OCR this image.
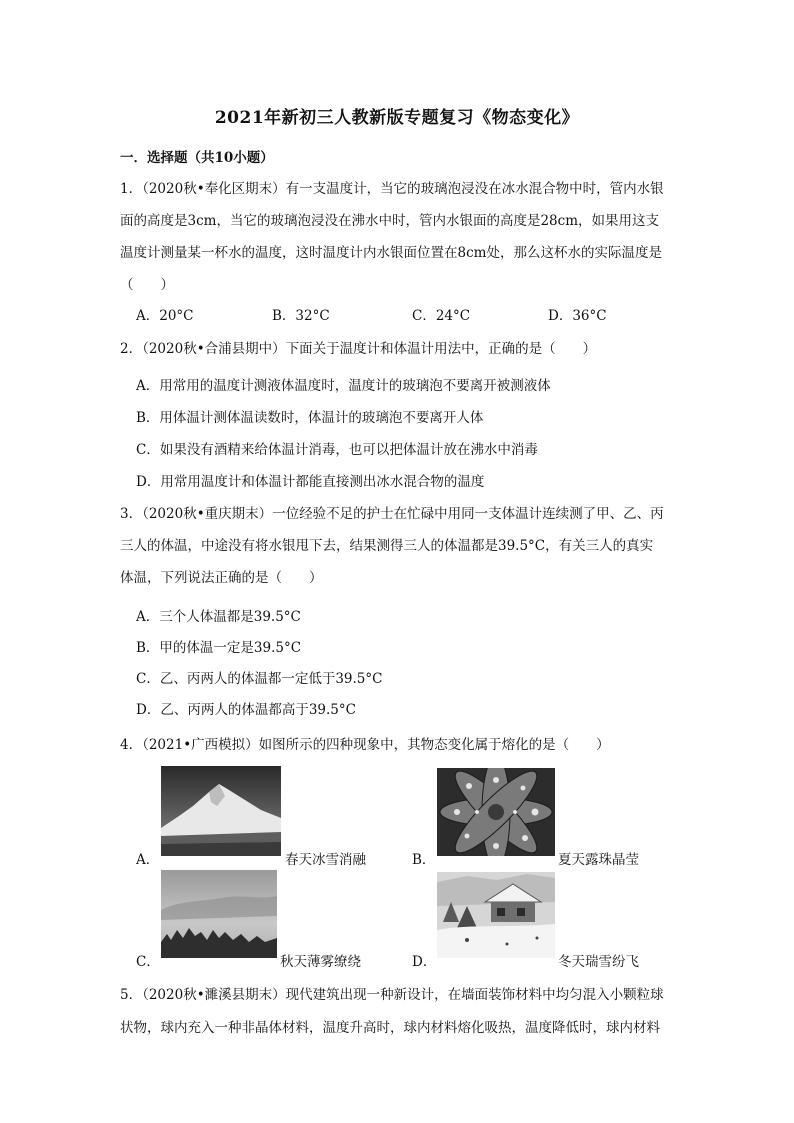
2021年新初三人教新版专题复习《物态变化》
一．选择题（共10小题）
1．（2020秋•奉化区期末）有一支温度计，当它的玻璃泡浸没在冰水混合物中时，管内水银
面的高度是3cm，当它的玻璃泡浸没在沸水中时，管内水银面的高度是28cm，如果用这支
温度计测量某一杯水的温度，这时温度计内水银面位置在8cm处，那么这杯水的实际温度是
（　　）
A．20°C	B．32°C	C．24°C	D．36°C
2．（2020秋•合浦县期中）下面关于温度计和体温计用法中，正确的是（　　）
A．用常用的温度计测液体温度时，温度计的玻璃泡不要离开被测液体
B．用体温计测体温读数时，体温计的玻璃泡不要离开人体
C．如果没有酒精来给体温计消毒，也可以把体温计放在沸水中消毒
D．用常用温度计和体温计都能直接测出冰水混合物的温度
3．（2020秋•重庆期末）一位经验不足的护士在忙碌中用同一支体温计连续测了甲、乙、丙
三人的体温，中途没有将水银甩下去，结果测得三人的体温都是39.5°C，有关三人的真实
体温，下列说法正确的是（　　）
A．三个人体温都是39.5°C
B．甲的体温一定是39.5°C
C．乙、丙两人的体温都一定低于39.5°C
D．乙、丙两人的体温都高于39.5°C
4．（2021•广西模拟）如图所示的四种现象中，其物态变化属于熔化的是（　　）
A．	春天冰雪消融	B．	夏天露珠晶莹
C．	秋天薄雾缭绕	D．	冬天瑞雪纷飞
5．（2020秋•濉溪县期末）现代建筑出现一种新设计，在墙面装饰材料中均匀混入小颗粒球
状物，球内充入一种非晶体材料，温度升高时，球内材料熔化吸热，温度降低时，球内材料
